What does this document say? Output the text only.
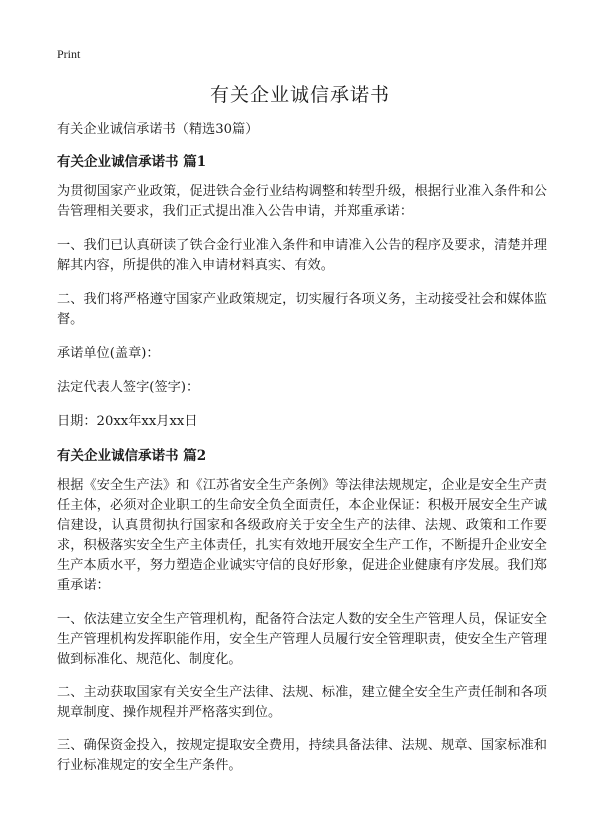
Print
有关企业诚信承诺书

有关企业诚信承诺书（精选30篇）

有关企业诚信承诺书 篇1

为贯彻国家产业政策，促进铁合金行业结构调整和转型升级，根据行业准入条件和公告管理相关要求，我们正式提出准入公告申请，并郑重承诺：

一、我们已认真研读了铁合金行业准入条件和申请准入公告的程序及要求，清楚并理解其内容，所提供的准入申请材料真实、有效。

二、我们将严格遵守国家产业政策规定，切实履行各项义务，主动接受社会和媒体监督。

承诺单位(盖章)：

法定代表人签字(签字)：

日期：20xx年xx月xx日

有关企业诚信承诺书 篇2

根据《安全生产法》和《江苏省安全生产条例》等法律法规规定，企业是安全生产责任主体，必须对企业职工的生命安全负全面责任，本企业保证：积极开展安全生产诚信建设，认真贯彻执行国家和各级政府关于安全生产的法律、法规、政策和工作要求，积极落实安全生产主体责任，扎实有效地开展安全生产工作，不断提升企业安全生产本质水平，努力塑造企业诚实守信的良好形象，促进企业健康有序发展。我们郑重承诺：

一、依法建立安全生产管理机构，配备符合法定人数的安全生产管理人员，保证安全生产管理机构发挥职能作用，安全生产管理人员履行安全管理职责，使安全生产管理做到标准化、规范化、制度化。

二、主动获取国家有关安全生产法律、法规、标准，建立健全安全生产责任制和各项规章制度、操作规程并严格落实到位。

三、确保资金投入，按规定提取安全费用，持续具备法律、法规、规章、国家标准和行业标准规定的安全生产条件。
